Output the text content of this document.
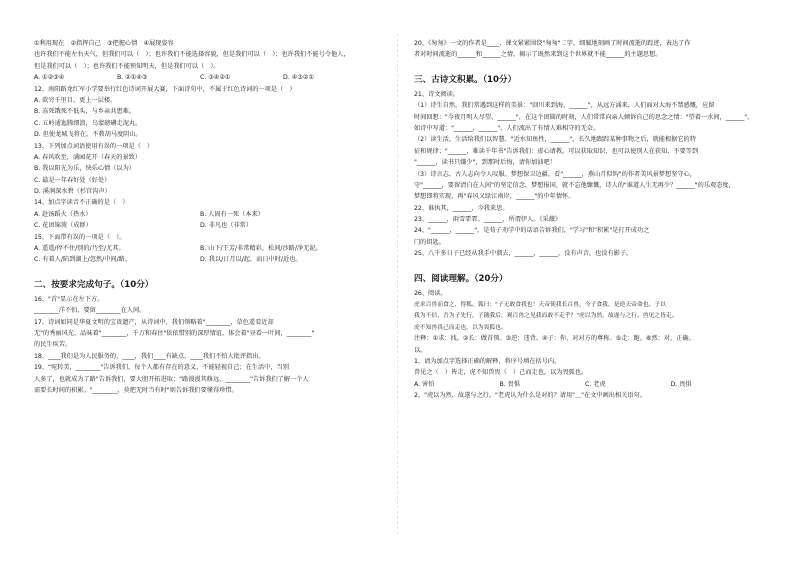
①利用现在　②指挥自己　③把握心情　④展现姿容
也许我们不能左右天气，但我们可以（　）；也许我们不能选择容貌，但是我们可以（　）；也许我们不能号令他人，
但是我们可以（　）；也许我们不能预知明天，但是我们可以（　）。
A. ①②③④	B. ②①④③	C. ③④②①	D. ④③②①
12、南阳路龙红军小学要举行红色诗词开展大赛，下面诗句中，不属于红色诗词的一项是（　）
A. 欲穷千里目，更上一层楼。
B. 冻死饿死不低头，与乡亲共患难。
C. 五岭逶迤腾细浪，乌蒙磅礴走泥丸。
D. 但使龙城飞将在，不教胡马度阴山。
13、下列加点词语使用有误的一项是（　）
A. 春风吹至，满园花开（春天的景致）
B. 我以阳光为乐，快乐心情（以为）
C. 最是一年春好处（好处）
D. 溪涧深水碧（杉宫沟声）
14、加点字读音不正确的是（　）
A. 赴汤蹈火（热水）	B. 人固有一死（本来）
C. 花团锦簇（成群）	D. 非凡也（非常）
15、下面带有误的一项是（　）。
A. 遥遥/停不住/别的/乃至/尤其。	B. 山下/王芳/非常精彩，松间/沙路/净无泥。
C. 有着人/陷到湖上/忽然/中间/路。	D. 我以/日月以/起，而日中时/近也。
二、按要求完成句子。（10分）
16、"首"显示在左下方。
________洋不怕，要留________在人间。
17、诗词如同是华夏文明的宝贵遗产，从诗词中，我们领略着"________，草色遥看近却
无"的秀丽风光，品味着"________，千万和春住"依依惜别的深厚情谊，体会着"昼看一叶间，________"
的民生疾苦。
18、____我们是为人民服务的，____，我们____有缺点，____我们不怕人批评指出。
19、"宛转美，________"告诉我们，每个人都有存在的意义，不能轻视自己；在生活中，当别
人多了，也就成为了路"告诉我们，要大胆开拓进取；"路漫漫其修远，________"告诉我们了解一个人
需要长时间的积累。"________，莫把无时当有时"则告诉我们要懂得珍惜。
20、《匆匆》一文的作者是____，课文紧紧围绕"匆匆"二字，细腻地刻画了时间流逝的踪迹，表达了作
者对时间流逝的______和______之情，揭示了既然来到这个世界就不能______的主题思想。
三、古诗文积累。（10分）
21、诗文阅读。
（1）诗生自然，我们常遇到这样的美景："回川来到海，______"，从远方涌来，人们面对大海不禁感慨，应留
时间回想："今夜月明人尽望，______"，在这个团圆的时刻，人们常常向亲人倾诉自己的思念之情："望着一水间，______"。
如诗中写道："______，______"，人们流出了有情人难相守的无奈。
（2）读生活，生活给我们以智慧。"近水知鱼性，______"，长久地跟踪某种事物之后，就能根据它的特
征和规律；"______，难读千年书"告诉我们：虚心请教，可以获取知识，也可以使别人在获知，不要等到
"______，读书只嫌少"，到那时后悔，请你加油吧！
（3）诗言志，古人志向令人叹服。梦想保卫边疆，看"______，燕山月似钩"的作者美风景梦想坚守心，
守"______，要留清白在人间"的坚定信念，梦想报国，就不忘他慷慨，诗人的"谁道人生无再少？______"的乐观态度，
梦想即将实现，再"春风又绿江南岸，______"的中年情怀。
22、谁执其，______，今我来思。
23、______，雨雪霏霏。______，所谓伊人。《采薇》
24、"______，______"，是荀子劝学中的话语告诉我们，"学习"和"积累"是打开成功之
门的钥匙。
25、八千多日子已经从我手中溜去，______，______，没有声音，也没有影子。
四、阅读理解。（20分）
26、阅读。
虎求百兽而食之，得狐。狐曰："子无敢食我也！天帝使我长百兽，今子食我，是逆天帝命也。子以
我为不信，吾为子先行，子随我后，观百兽之见我而敢不走乎？"虎以为然，故遂与之行。兽见之皆走。
虎不知兽畏己而走也，以为畏狐也。
注释：①求：找。②长：做首领。③逆：违背。④子：你，对对方的尊称。⑤走：跑。⑥然：对，正确。
以。
1、请为加点字选择正确的解释，将序号填在括号内。
兽见之（　）皆走，虎不知兽畏（　）己而走也，以为畏狐也。
A. 害怕	B. 畏惧	C. 老虎	D. 畏惧
2、"虎以为然，故遂与之行。"老虎认为什么是对的？请用"＿"在文中画出相关语句。
